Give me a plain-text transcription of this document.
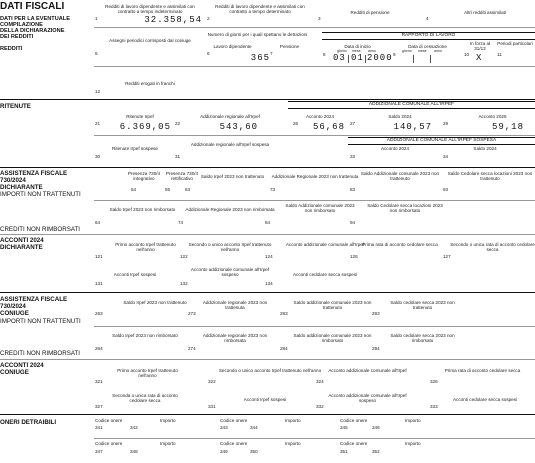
DATI FISCALI
DATI PER LA EVENTUALE
COMPILAZIONE
DELLA DICHIARAZIONE
DEI REDDITI
REDDITI
Redditi di lavoro dipendente e assimilati con contratto a tempo indeterminato
1	32.358,54
Redditi di lavoro dipendente e assimilati con contratto a tempo determinato
2
Redditi di pensione
3
Altri redditi assimilati
4
Assegni periodici corrisposti dal coniuge
5
Numero di giorni per i quali spettano le detrazioni
Lavoro dipendente
6	365
Pensione
7
RAPPORTO DI LAVORO
Data di inizio
8
giorno mese anno
03 01 2000
Data di cessazione
9
giorno mese anno
In forza al 31/12
10 X
Periodi particolari
11
Redditi erogati in franchi
12
RITENUTE	ADDIZIONALE COMUNALE ALL'IRPEF
Ritenute Irpef
21	6.369,05
Addizionale regionale all'Irpef
22	543,60
Acconto 2024
26	56,68
Saldo 2024
27	140,57
Acconto 2025
29	59,18
ADDIZIONALE COMUNALE ALL'IRPEF SOSPESA
Ritenute Irpef sospese
30
Addizionale regionale all'Irpef sospesa
31
Acconto 2024
33
Saldo 2024
34
ASSISTENZA FISCALE
730/2024
DICHIARANTE
IMPORTI NON TRATTENUTI
Presenza 730/4 integrativo
54
Presenza 730/4 rettificativo
55
Saldo Irpef 2023 non trattenuto
63
Addizionale Regionale 2023 non trattenuta
73
Saldo Addizionale comunale 2023 non trattenuto
83
Saldo Cedolare secca locazioni 2023 non trattenuto
93
Saldo Irpef 2023 non rimborsato
64
Addizionale Regionale 2023 non rimborsata
74
Saldo Addizionale comunale 2023 non rimborsato
84
Saldo Cedolare secca locazioni 2023 non rimborsato
94
CREDITI NON RIMBORSATI
ACCONTI 2024
DICHIARANTE	Primo acconto Irpef trattenuto nell'anno
121
Secondo o unico acconto Irpef trattenuto nell'anno
122
Acconto addizionale comunale all'Irpef
124
Prima rata di acconto cedolare secca
126
Secondo o unica rata di acconto cedolare secca
127
Acconti Irpef sospesi
131
Acconto addizionale comunale all'Irpef sospeso
132
Acconti cedolare secca sospesi
134
ASSISTENZA FISCALE
730/2024
CONIUGE
IMPORTI NON TRATTENUTI
Saldo Irpef 2023 non trattenuto
263
Addizionale regionale 2023 non trattenuta
273
Saldo addizionale comunale 2023 non trattenuto
283
Saldo cedolare secca 2023 non trattenuto
293
Saldo Irpef 2023 non rimborsato
264
Addizionale regionale 2023 non rimborsata
274
Saldo addizionale comunale 2023 non rimborsato
284
Saldo cedolare secca 2023 non rimborsato
294
CREDITI NON RIMBORSATI
ACCONTI 2024
CONIUGE	Primo acconto Irpef trattenuto nell'anno
321
Secondo o unico acconto Irpef trattenuto nell'anno
322
Acconto addizionale comunale all'Irpef
324
Prima rata di acconto cedolare secca
326
Seconda o unica rata di acconto cedolare secca
327
Acconti Irpef sospesi
331
Acconto addizionale comunale all'Irpef sospeso
332
Acconti cedolare secca sospesi
333
ONERI DETRAIBILI	Codice onere	Importo
341	342
Codice onere	Importo
343	344
Codice onere	Importo
345	346
Codice onere	Importo
347	348
Codice onere	Importo
349	350
Codice onere	Importo
351	352
